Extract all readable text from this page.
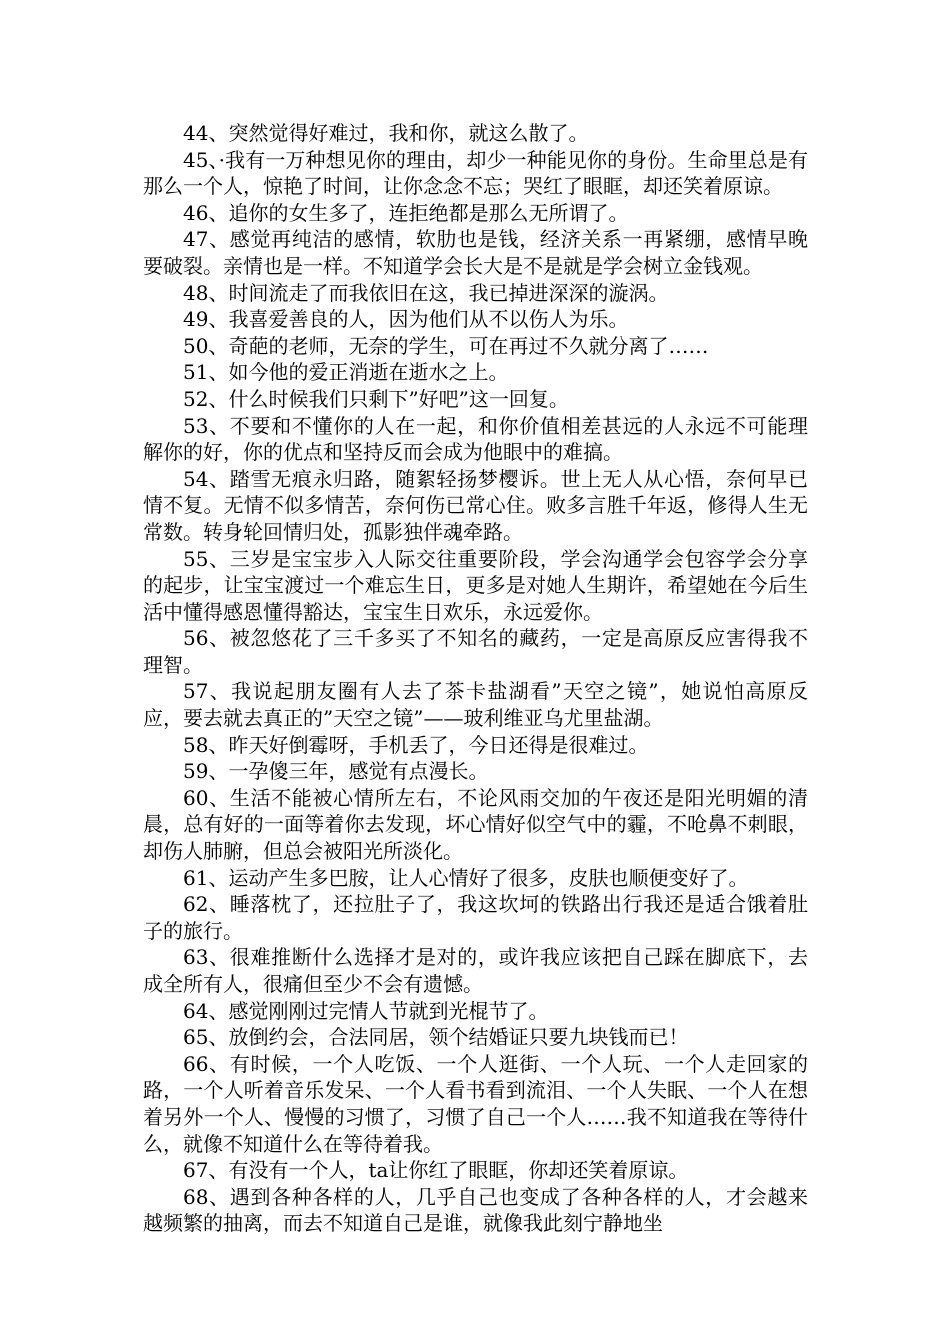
44、突然觉得好难过，我和你，就这么散了。

45、·我有一万种想见你的理由，却少一种能见你的身份。生命里总是有那么一个人，惊艳了时间，让你念念不忘；哭红了眼眶，却还笑着原谅。

46、追你的女生多了，连拒绝都是那么无所谓了。

47、感觉再纯洁的感情，软肋也是钱，经济关系一再紧绷，感情早晚要破裂。亲情也是一样。不知道学会长大是不是就是学会树立金钱观。

48、时间流走了而我依旧在这，我已掉进深深的漩涡。

49、我喜爱善良的人，因为他们从不以伤人为乐。

50、奇葩的老师，无奈的学生，可在再过不久就分离了……

51、如今他的爱正消逝在逝水之上。

52、什么时候我们只剩下”好吧”这一回复。

53、不要和不懂你的人在一起，和你价值相差甚远的人永远不可能理解你的好，你的优点和坚持反而会成为他眼中的难搞。

54、踏雪无痕永归路，随絮轻扬梦樱诉。世上无人从心悟，奈何早已情不复。无情不似多情苦，奈何伤已常心住。败多言胜千年返，修得人生无常数。转身轮回情归处，孤影独伴魂牵路。

55、三岁是宝宝步入人际交往重要阶段，学会沟通学会包容学会分享的起步，让宝宝渡过一个难忘生日，更多是对她人生期许，希望她在今后生活中懂得感恩懂得豁达，宝宝生日欢乐，永远爱你。

56、被忽悠花了三千多买了不知名的藏药，一定是高原反应害得我不理智。

57、我说起朋友圈有人去了茶卡盐湖看”天空之镜”，她说怕高原反应，要去就去真正的”天空之镜”——玻利维亚乌尤里盐湖。

58、昨天好倒霉呀，手机丢了，今日还得是很难过。

59、一孕傻三年，感觉有点漫长。

60、生活不能被心情所左右，不论风雨交加的午夜还是阳光明媚的清晨，总有好的一面等着你去发现，坏心情好似空气中的霾，不呛鼻不刺眼，却伤人肺腑，但总会被阳光所淡化。

61、运动产生多巴胺，让人心情好了很多，皮肤也顺便变好了。

62、睡落枕了，还拉肚子了，我这坎坷的铁路出行我还是适合饿着肚子的旅行。

63、很难推断什么选择才是对的，或许我应该把自己踩在脚底下，去成全所有人，很痛但至少不会有遗憾。

64、感觉刚刚过完情人节就到光棍节了。

65、放倒约会，合法同居，领个结婚证只要九块钱而已！

66、有时候，一个人吃饭、一个人逛街、一个人玩、一个人走回家的路，一个人听着音乐发呆、一个人看书看到流泪、一个人失眠、一个人在想着另外一个人、慢慢的习惯了，习惯了自己一个人……我不知道我在等待什么，就像不知道什么在等待着我。

67、有没有一个人，ta让你红了眼眶，你却还笑着原谅。

68、遇到各种各样的人，几乎自己也变成了各种各样的人，才会越来越频繁的抽离，而去不知道自己是谁，就像我此刻宁静地坐
